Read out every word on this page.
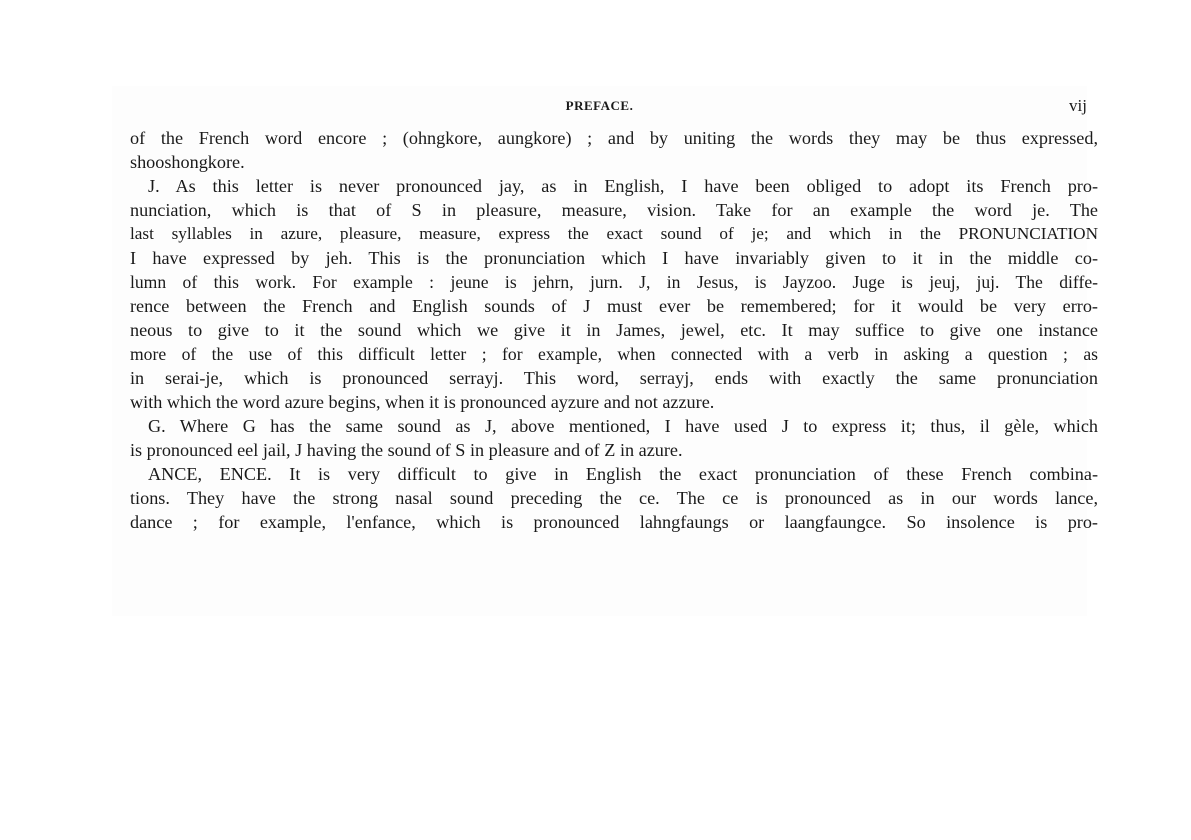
PREFACE.	vij
of the French word encore ; (ohngkore, aungkore) ; and by uniting the words they may be thus expressed,
shooshongkore.
J. As this letter is never pronounced jay, as in English, I have been obliged to adopt its French pro-
nunciation, which is that of S in pleasure, measure, vision. Take for an example the word je. The
last syllables in azure, pleasure, measure, express the exact sound of je; and which in the PRONUNCIATION
I have expressed by jeh. This is the pronunciation which I have invariably given to it in the middle co-
lumn of this work. For example : jeune is jehrn, jurn. J, in Jesus, is Jayzoo. Juge is jeuj, juj. The diffe-
rence between the French and English sounds of J must ever be remembered; for it would be very erro-
neous to give to it the sound which we give it in James, jewel, etc. It may suffice to give one instance
more of the use of this difficult letter ; for example, when connected with a verb in asking a question ; as
in serai-je, which is pronounced serrayj. This word, serrayj, ends with exactly the same pronunciation
with which the word azure begins, when it is pronounced ayzure and not azzure.
G. Where G has the same sound as J, above mentioned, I have used J to express it; thus, il gèle, which
is pronounced eel jail, J having the sound of S in pleasure and of Z in azure.
ANCE, ENCE. It is very difficult to give in English the exact pronunciation of these French combina-
tions. They have the strong nasal sound preceding the ce. The ce is pronounced as in our words lance,
dance ; for example, l'enfance, which is pronounced lahngfaungs or laangfaungce. So insolence is pro-
